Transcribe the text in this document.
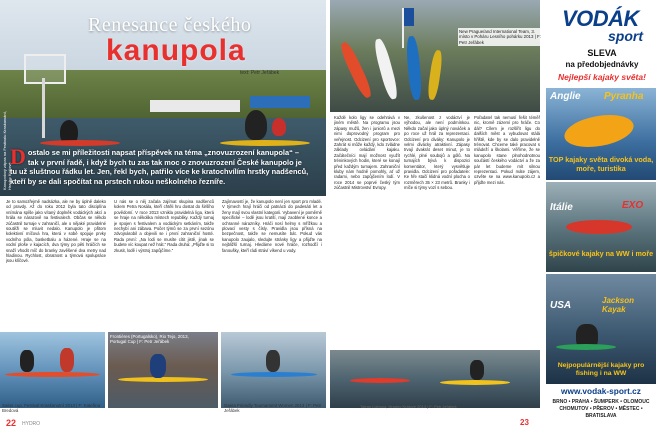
Renesance českého
kanupola
text: Petr Jeřábek
Kanupolový zápas na Festivalu Kraskanutní, Hradec Králové
D ostalo se mi příležitosti napsat příspěvek na téma „znovuzrození kanupola“ – tak v první řadě, i když bych tu zas tak moc o znovuzrození České kanupolo je tu už sluštnou řádku let. Jen, řekl bych, patřilo více ke kratochvílím hrstky nadšenců, kteří by se dali spočítat na prstech rukou neškolného řezníře.
Je to samozřejmě nadsázka, ale ne by úplně daleko od pravdy. Až do roku 2012 byla tato disciplína vnímána spíše jako vítaný doplněk vodáckých akcí a hrála se nárazově na festivalech. Občas se někdo zúčastnil turnaje v zahraničí, ale o nějaké pravidelné soutěži se mluvit nedalo. Kanupolo je přitom kolektivní míčová hra, která v sobě spojuje prvky vodního póla, basketbalu a házené. Hraje se na vodní ploše v kajacích, dva týmy po pěti hráčích se snaží vhodit míč do branky zavěšené dva metry nad hladinou. Rychlost, obratnost a týmová spolupráce jsou klíčové.
U nás se o něj začala zajímat skupina nadšenců kolem Petra Nosála, kteří chtěli hru dostat do širšího povědomí. V roce 2013 vznikla pravidelná liga, která se hraje na několika místech republiky. Každý turnaj je spojen s festivalem a vodáckým setkáním, takže nechybí ani zábava. Počet týmů se za první sezónu zdvojnásobil a objevili se i první zahraniční hosté. Rada první: „Na lodi se musíte cítit jistě, jinak se budete víc koupat než hrát.“ Rada druhá: „Přijďte si to zkusit, lodě i výstroj zapůjčíme.“
Zajímavostí je, že kanupolo není jen sport pro mladé. V týmech hrají hráči od patnácti do padesáti let a ženy mají svou vlastní kategorii. Vybavení je poměrně specifické – lodě jsou kratší, mají zaoblené konce a ochranné nárazníky. Hráči nosí helmy s mřížkou a plovací vesty s čísly. Pravidla jsou přísná na bezpečnost, takže se nemusíte bát. Pokud vás kanupolo zaujalo, sledujte stránky ligy a přijďte na nejbližší turnaj. Hledáme nové hráče, rozhodčí i fanoušky, kteří rádi stráví víkend u vody.
Swiss cup, Festival Kraskanutní 2013 | F: Kateřina Bredová
Frontières (Portugalsko), Rio Tejo, 2013, Portugal Cup | F: Petr Jeřábek
Gaeta Friendly Tournament Women 2013 | F: Petr Jeřábek
22 HYDRO
New Prague/and International Team, 3. místo v Poháru Lesního pohárku 2013 | F: Petr Jeřábek
Každé kolo ligy se odehrává v jiném městě. Na programu jsou zápasy mužů, žen i juniorů a mezi nimi doprovodný program pro veřejnost. Odcizení pro sportovce: Zahrát si může každý, kdo zvládne základy ovládání kajaku. Začátečníci mají možnost využít tréninkových hodin, které se konají před každým turnajem. Zahraniční kluby nám hodně pomohly, ať už radami, nebo zapůjčením lodí. V roce 2014 se poprvé český tým zúčastnil Mistrovství Evropy.
Ne, zkušenost z vodáctví je výhodou, ale není podmínkou. Někdo začal jako úplný nováček a po roce už hrál za reprezentaci. Odcizení pro diváky: Kanupolo je velmi divácky atraktivní. Zápasy trvají dvakrát deset minut, je to rychlé, plné soubojů a gólů. Na turnajích bývá k dispozici komentátor, který vysvětluje pravidla. Odcizení pro pořadatele: Ke hře stačí klidná vodní plocha o rozměrech 35 × 23 metrů. Branky i míče si týmy vozí s sebou.
Pořadatel tak nemusí řešit téměř nic, kromě zázemí pro hráče. Co dál? Cílem je rozšířit ligu do dalších měst a vybudovat stálá hřiště, kde by se dalo pravidelně trénovat. Chceme také pracovat s mládeží a školami. Věříme, že se kanupolo stane plnohodnotnou součástí českého vodáctví a že za pár let budeme mít silnou reprezentaci. Pokud máte zájem, ozvěte se na www.kanupolo.cz a přijďte mezi nás.
Tatran Lizbona, Hradec Králové 2013 | F: Petr Jeřábek
23
VODÁK
sport
SLEVA
na předobjednávky
Nejlepší kajaky světa!
Anglie Pyranha
TOP kajaky světa divoká voda, moře, turistika
Itálie	EXO
špičkové kajaky na WW i moře
USA	Jackson Kayak
Nejpopulárnější kajaky pro fishing i na WW
www.vodak-sport.cz
BRNO • PRAHA • ŠUMPERK • OLOMOUC
CHOMUTOV • PŘEROV • MĚSTEC • BRATISLAVA
